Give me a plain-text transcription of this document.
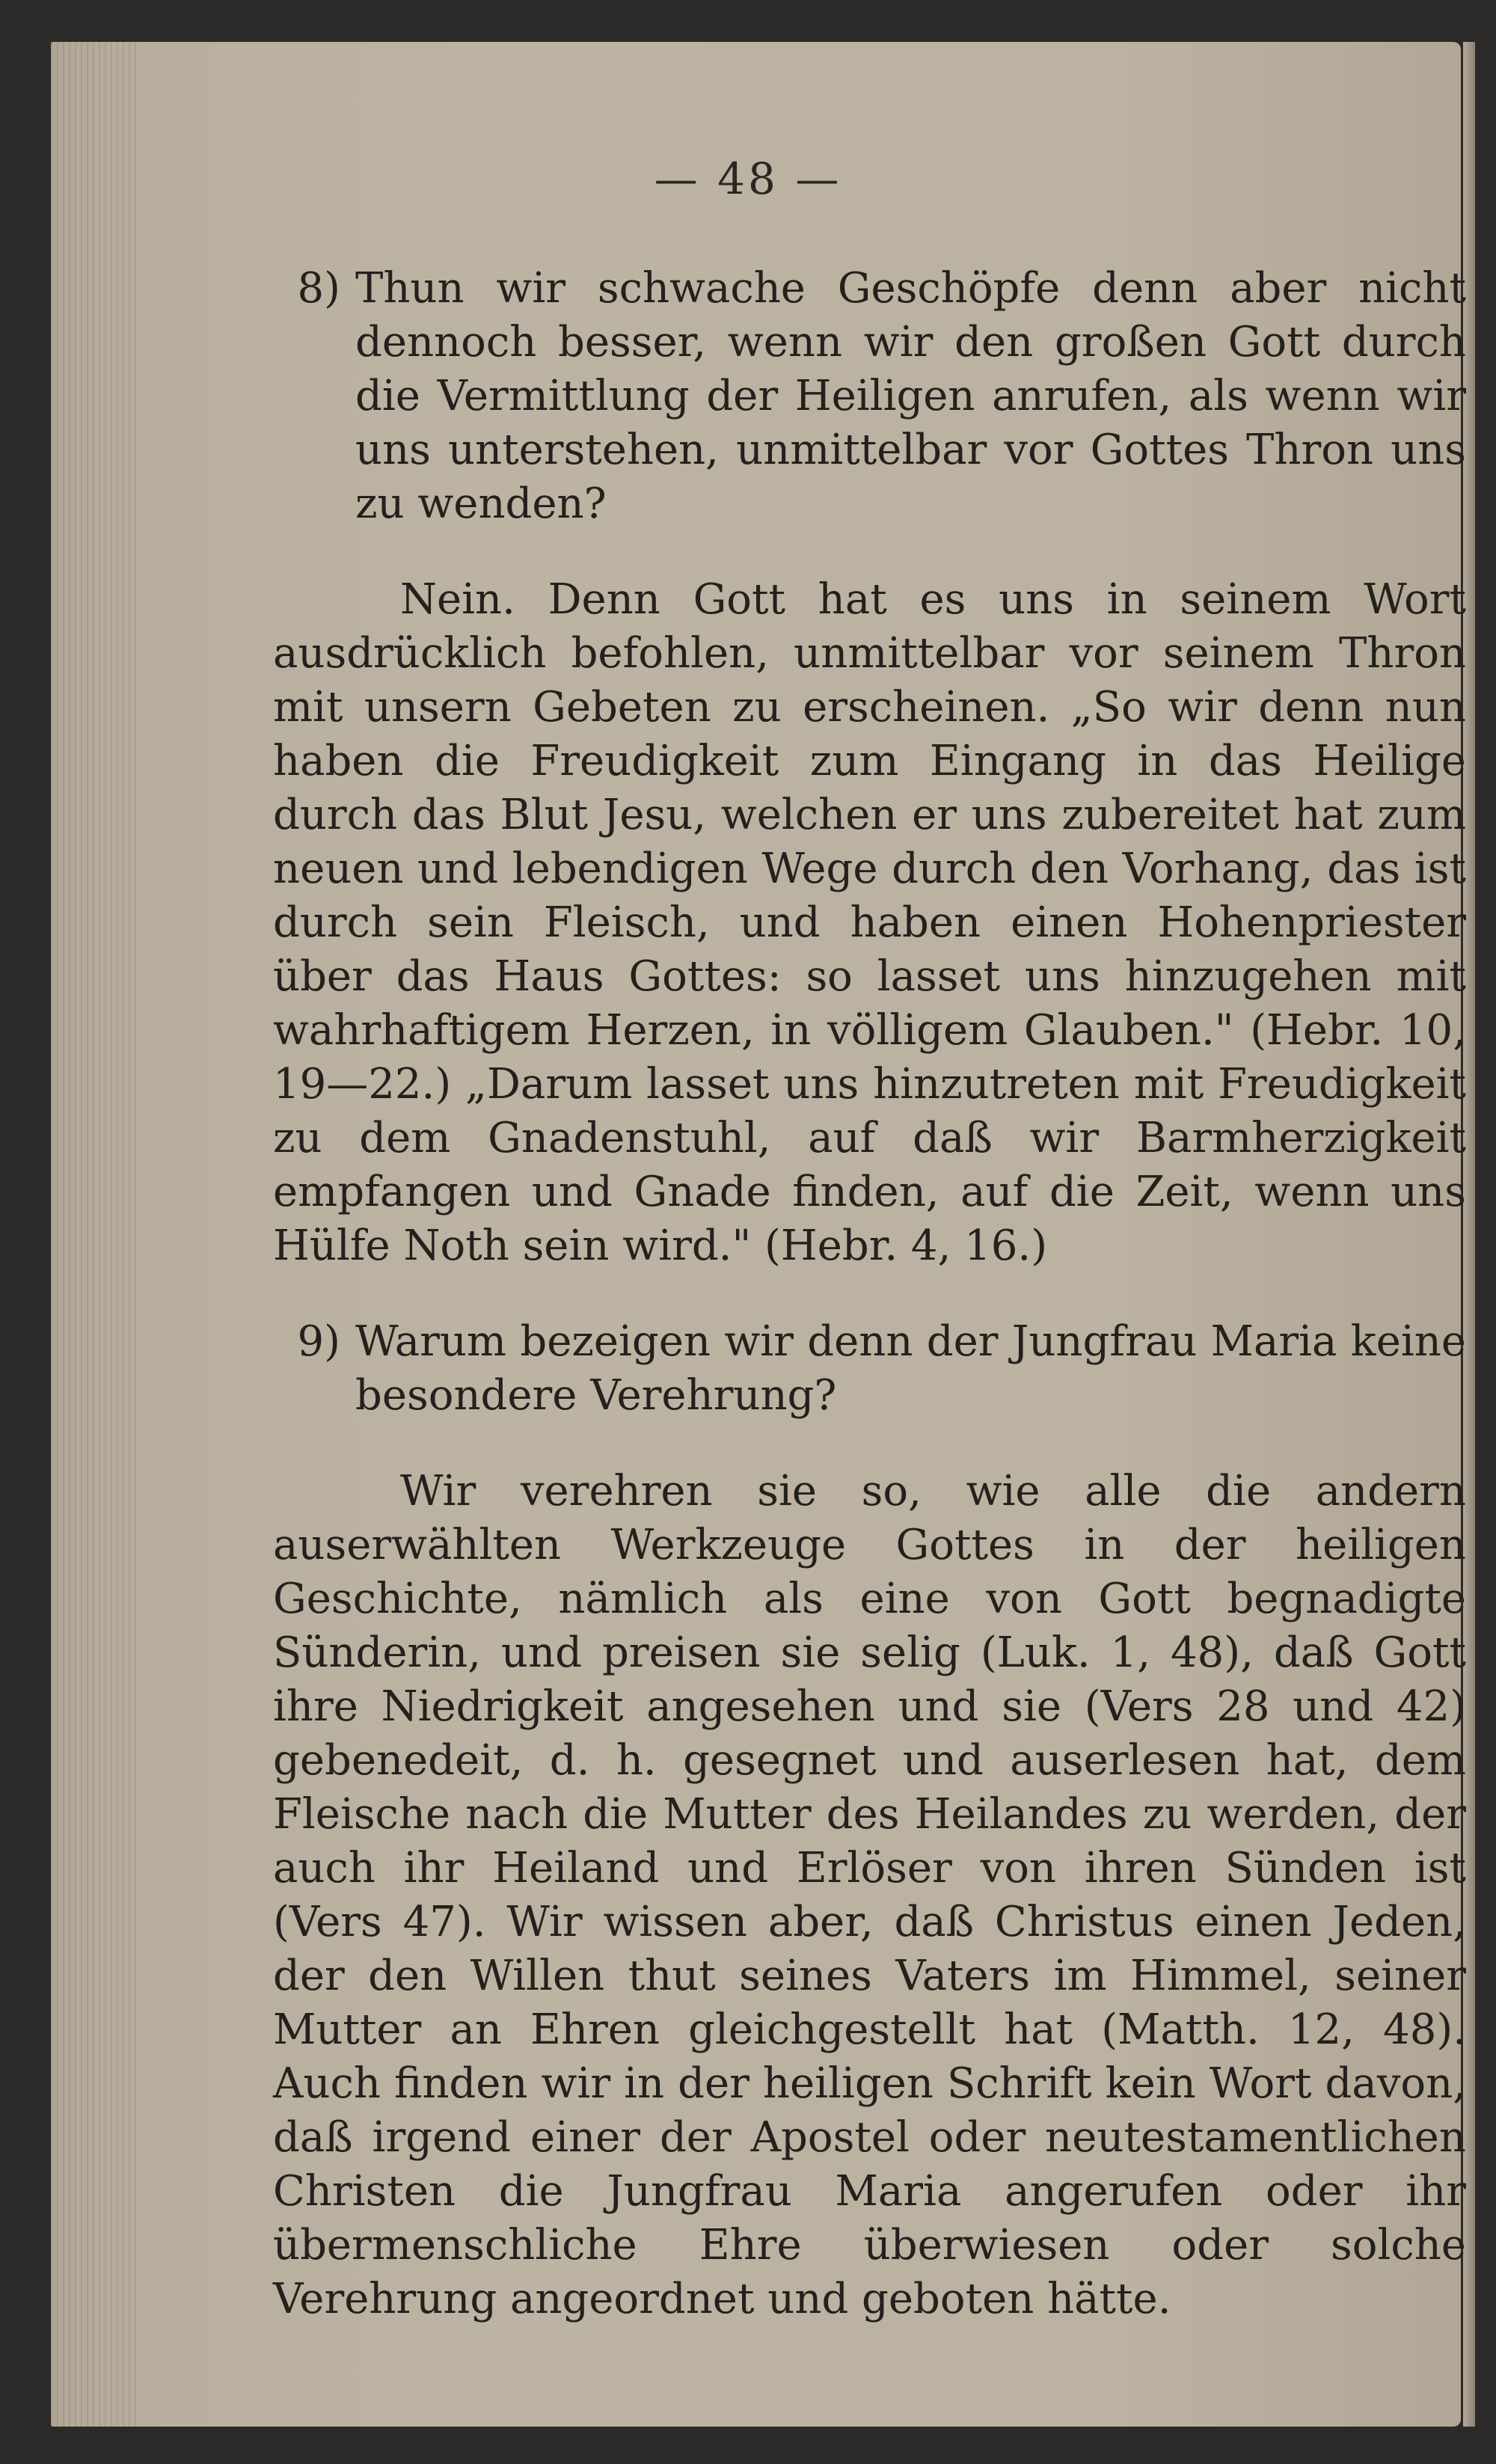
— 48 —
8) Thun wir schwache Geschöpfe denn aber nicht dennoch besser, wenn wir den großen Gott durch die Vermittlung der Heiligen anrufen, als wenn wir uns unterstehen, unmittelbar vor Gottes Thron uns zu wenden?

Nein. Denn Gott hat es uns in seinem Wort ausdrücklich befohlen, unmittelbar vor seinem Thron mit unsern Gebeten zu erscheinen. „So wir denn nun haben die Freudigkeit zum Eingang in das Heilige durch das Blut Jesu, welchen er uns zubereitet hat zum neuen und lebendigen Wege durch den Vorhang, das ist durch sein Fleisch, und haben einen Hohenpriester über das Haus Gottes: so lasset uns hinzugehen mit wahrhaftigem Herzen, in völligem Glauben." (Hebr. 10, 19—22.) „Darum lasset uns hinzutreten mit Freudigkeit zu dem Gnadenstuhl, auf daß wir Barmherzigkeit empfangen und Gnade finden, auf die Zeit, wenn uns Hülfe Noth sein wird." (Hebr. 4, 16.)

9) Warum bezeigen wir denn der Jungfrau Maria keine besondere Verehrung?

Wir verehren sie so, wie alle die andern auserwählten Werkzeuge Gottes in der heiligen Geschichte, nämlich als eine von Gott begnadigte Sünderin, und preisen sie selig (Luk. 1, 48), daß Gott ihre Niedrigkeit angesehen und sie (Vers 28 und 42) gebenedeit, d. h. gesegnet und auserlesen hat, dem Fleische nach die Mutter des Heilandes zu werden, der auch ihr Heiland und Erlöser von ihren Sünden ist (Vers 47). Wir wissen aber, daß Christus einen Jeden, der den Willen thut seines Vaters im Himmel, seiner Mutter an Ehren gleichgestellt hat (Matth. 12, 48). Auch finden wir in der heiligen Schrift kein Wort davon, daß irgend einer der Apostel oder neutestamentlichen Christen die Jungfrau Maria angerufen oder ihr übermenschliche Ehre überwiesen oder solche Verehrung angeordnet und geboten hätte.
